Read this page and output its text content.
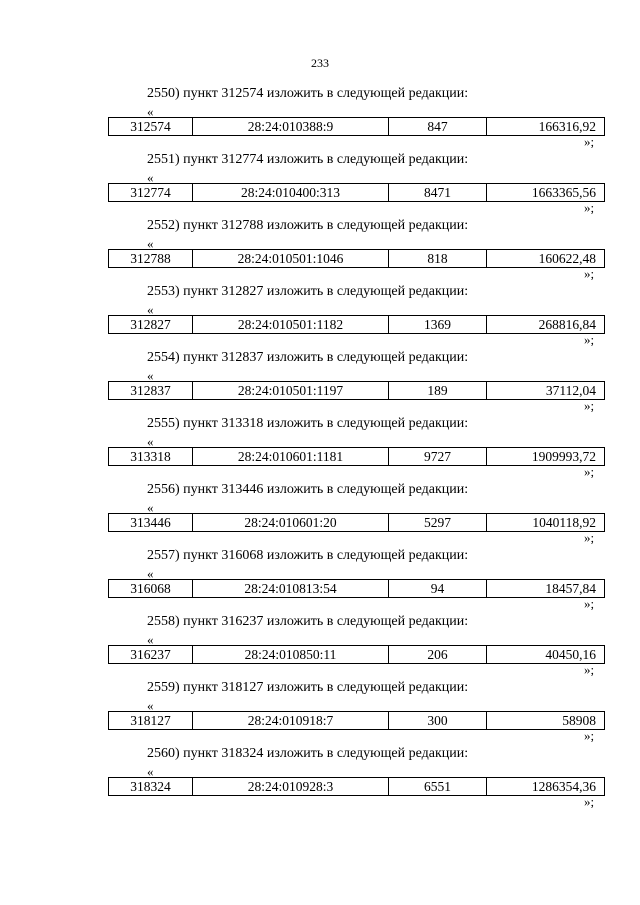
233
2550) пункт 312574 изложить в следующей редакции:
«
312574	28:24:010388:9	847	166316,92
»;
2551) пункт 312774 изложить в следующей редакции:
«
312774	28:24:010400:313	8471	1663365,56
»;
2552) пункт 312788 изложить в следующей редакции:
«
312788	28:24:010501:1046	818	160622,48
»;
2553) пункт 312827 изложить в следующей редакции:
«
312827	28:24:010501:1182	1369	268816,84
»;
2554) пункт 312837 изложить в следующей редакции:
«
312837	28:24:010501:1197	189	37112,04
»;
2555) пункт 313318 изложить в следующей редакции:
«
313318	28:24:010601:1181	9727	1909993,72
»;
2556) пункт 313446 изложить в следующей редакции:
«
313446	28:24:010601:20	5297	1040118,92
»;
2557) пункт 316068 изложить в следующей редакции:
«
316068	28:24:010813:54	94	18457,84
»;
2558) пункт 316237 изложить в следующей редакции:
«
316237	28:24:010850:11	206	40450,16
»;
2559) пункт 318127 изложить в следующей редакции:
«
318127	28:24:010918:7	300	58908
»;
2560) пункт 318324 изложить в следующей редакции:
«
318324	28:24:010928:3	6551	1286354,36
»;
